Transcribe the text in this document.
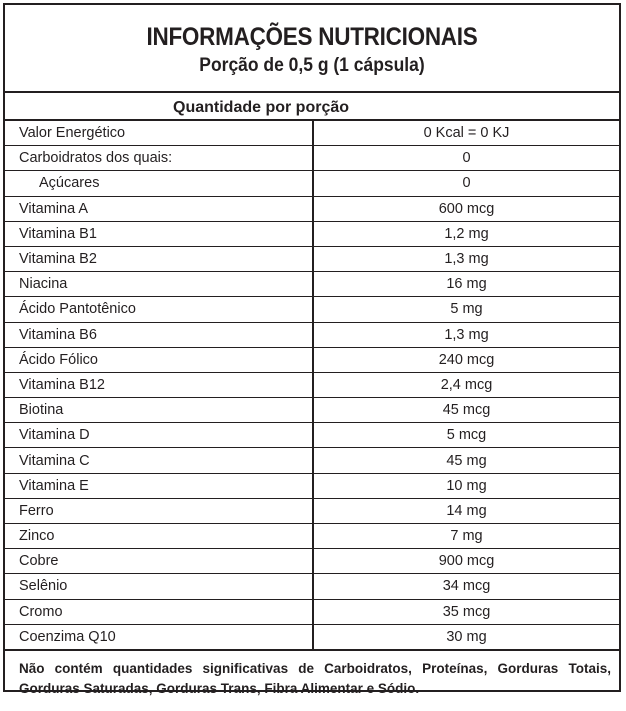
INFORMAÇÕES NUTRICIONAIS
Porção de 0,5 g (1 cápsula)
Quantidade por porção
Valor Energético	0 Kcal = 0 KJ
Carboidratos dos quais:	0
Açúcares	0
Vitamina A	600 mcg
Vitamina B1	1,2 mg
Vitamina B2	1,3 mg
Niacina	16 mg
Ácido Pantotênico	5 mg
Vitamina B6	1,3 mg
Ácido Fólico	240 mcg
Vitamina B12	2,4 mcg
Biotina	45 mcg
Vitamina D	5 mcg
Vitamina C	45 mg
Vitamina E	10 mg
Ferro	14 mg
Zinco	7 mg
Cobre	900 mcg
Selênio	34 mcg
Cromo	35 mcg
Coenzima Q10	30 mg
Não contém quantidades significativas de Carboidratos, Proteínas, Gorduras Totais, Gorduras Saturadas, Gorduras Trans, Fibra Alimentar e Sódio.
